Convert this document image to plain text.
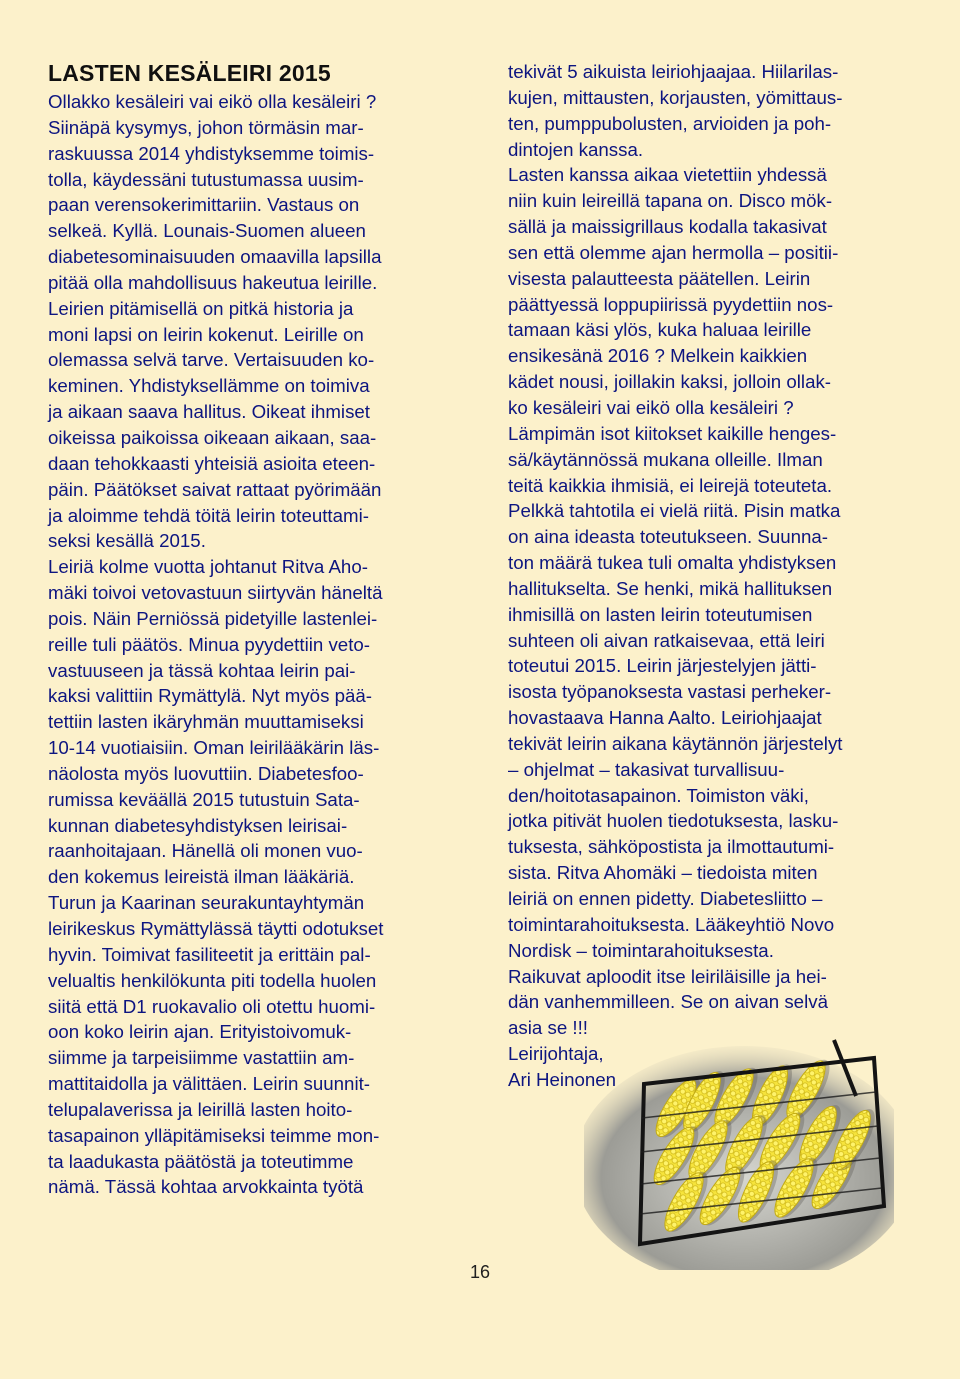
LASTEN KESÄLEIRI 2015
Ollakko kesäleiri vai eikö olla kesäleiri ?
Siinäpä kysymys, johon törmäsin mar-
raskuussa 2014 yhdistyksemme toimis-
tolla, käydessäni tutustumassa uusim-
paan verensokerimittariin. Vastaus on
selkeä. Kyllä. Lounais-Suomen alueen
diabetesominaisuuden omaavilla lapsilla
pitää olla mahdollisuus hakeutua leirille.
Leirien pitämisellä on pitkä historia ja
moni lapsi on leirin kokenut. Leirille on
olemassa selvä tarve. Vertaisuuden ko-
keminen. Yhdistyksellämme on toimiva
ja aikaan saava hallitus. Oikeat ihmiset
oikeissa paikoissa oikeaan aikaan, saa-
daan tehokkaasti yhteisiä asioita eteen-
päin. Päätökset saivat rattaat pyörimään
ja aloimme tehdä töitä leirin toteuttami-
seksi kesällä 2015.
Leiriä kolme vuotta johtanut Ritva Aho-
mäki toivoi vetovastuun siirtyvän häneltä
pois. Näin Perniössä pidetyille lastenlei-
reille tuli päätös. Minua pyydettiin veto-
vastuuseen ja tässä kohtaa leirin pai-
kaksi valittiin Rymättylä. Nyt myös pää-
tettiin lasten ikäryhmän muuttamiseksi
10-14 vuotiaisiin. Oman leirilääkärin läs-
näolosta myös luovuttiin. Diabetesfoo-
rumissa keväällä 2015 tutustuin Sata-
kunnan diabetesyhdistyksen leirisai-
raanhoitajaan. Hänellä oli monen vuo-
den kokemus leireistä ilman lääkäriä.
Turun ja Kaarinan seurakuntayhtymän
leirikeskus Rymättylässä täytti odotukset
hyvin. Toimivat fasiliteetit ja erittäin pal-
velualtis henkilökunta piti todella huolen
siitä että D1 ruokavalio oli otettu huomi-
oon koko leirin ajan. Erityistoivomuk-
siimme ja tarpeisiimme vastattiin am-
mattitaidolla ja välittäen. Leirin suunnit-
telupalaverissa ja leirillä lasten hoito-
tasapainon ylläpitämiseksi teimme mon-
ta laadukasta päätöstä ja toteutimme
nämä. Tässä kohtaa arvokkainta työtä
tekivät 5 aikuista leiriohjaajaa. Hiilarilas-
kujen, mittausten, korjausten, yömittaus-
ten, pumppubolusten, arvioiden ja poh-
dintojen kanssa.
Lasten kanssa aikaa vietettiin yhdessä
niin kuin leireillä tapana on. Disco mök-
sällä ja maissigrillaus kodalla takasivat
sen että olemme ajan hermolla – positii-
visesta palautteesta päätellen. Leirin
päättyessä loppupiirissä pyydettiin nos-
tamaan käsi ylös, kuka haluaa leirille
ensikesänä 2016 ? Melkein kaikkien
kädet nousi, joillakin kaksi, jolloin ollak-
ko kesäleiri vai eikö olla kesäleiri ?
Lämpimän isot kiitokset kaikille henges-
sä/käytännössä mukana olleille. Ilman
teitä kaikkia ihmisiä, ei leirejä toteuteta.
Pelkkä tahtotila ei vielä riitä. Pisin matka
on aina ideasta toteutukseen. Suunna-
ton määrä tukea tuli omalta yhdistyksen
hallitukselta. Se henki, mikä hallituksen
ihmisillä on lasten leirin toteutumisen
suhteen oli aivan ratkaisevaa, että leiri
toteutui 2015. Leirin järjestelyjen jätti-
isosta työpanoksesta vastasi perheker-
hovastaava Hanna Aalto. Leiriohjaajat
tekivät leirin aikana käytännön järjestelyt
– ohjelmat – takasivat turvallisuu-
den/hoitotasapainon. Toimiston väki,
jotka pitivät huolen tiedotuksesta, lasku-
tuksesta, sähköpostista ja ilmottautumi-
sista. Ritva Ahomäki – tiedoista miten
leiriä on ennen pidetty. Diabetesliitto –
toimintarahoituksesta. Lääkeyhtiö Novo
Nordisk – toimintarahoituksesta.
Raikuvat aploodit itse leiriläisille ja hei-
dän vanhemmilleen. Se on aivan selvä
asia se !!!
Leirijohtaja,
Ari Heinonen
16
